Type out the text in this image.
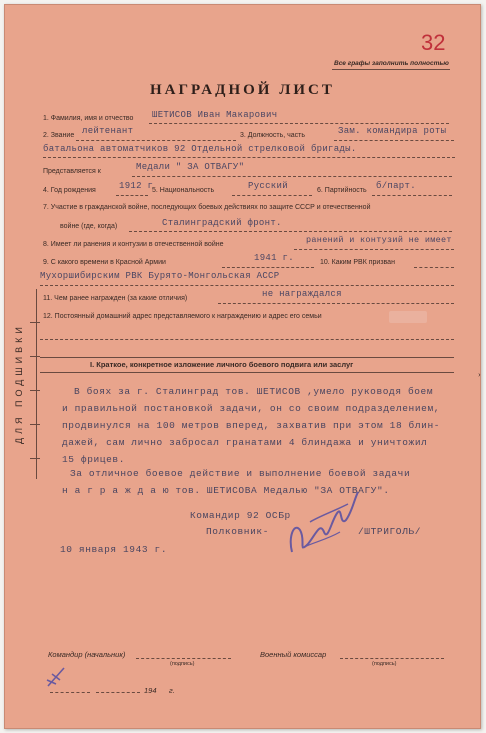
32
Все графы заполнить полностью
НАГРАДНОЙ ЛИСТ
1. Фамилия, имя и отчество ШЕТИСОВ Иван Макарович
2. Звание лейтенант	3. Должность, часть	Зам. командира роты
батальона автоматчиков 92 Отдельной стрелковой бригады.
Представляется к	Медали " ЗА ОТВАГУ"
4. Год рождения	1912 г
5. Национальность	Русский	6. Партийность б/парт.
7. Участие в гражданской войне, последующих боевых действиях по защите СССР и отечественной
войне (где, когда)	Сталинградский фронт.
8. Имеет ли ранения и контузии в отечественной войне	ранений и контузий не имеет
9. С какого времени в Красной Армии	1941 г.	10. Каким РВК призван
Мухоршибирским РВК Бурято-Монгольская АССР
11. Чем ранее награжден (за какие отличия)	не награждался
12. Постоянный домашний адрес представляемого к награждению и адрес его семьи
ДЛЯ ПОДШИВКИ	I. Краткое, конкретное изложение личного боевого подвига или заслуг
В боях за г. Сталинград тов. ШЕТИСОВ ,умело руководя боем
и правильной постановкой задачи, он со своим подразделением,
продвинулся на 100 метров вперед, захватив при этом 18 блин-
дажей, сам лично забросал гранатами 4 блиндажа и уничтожил
15 фрицев.
За отличное боевое действие и выполнение боевой задачи
н а г р а ж д а ю тов. ШЕТИСОВА Медалью "ЗА ОТВАГУ".
Командир 92 ОСБр
Полковник-	/ШТРИГОЛЬ/
10 января 1943 г.
Командир (начальник)
(подпись)
Военный комиссар
(подпись)
194 г.
›
